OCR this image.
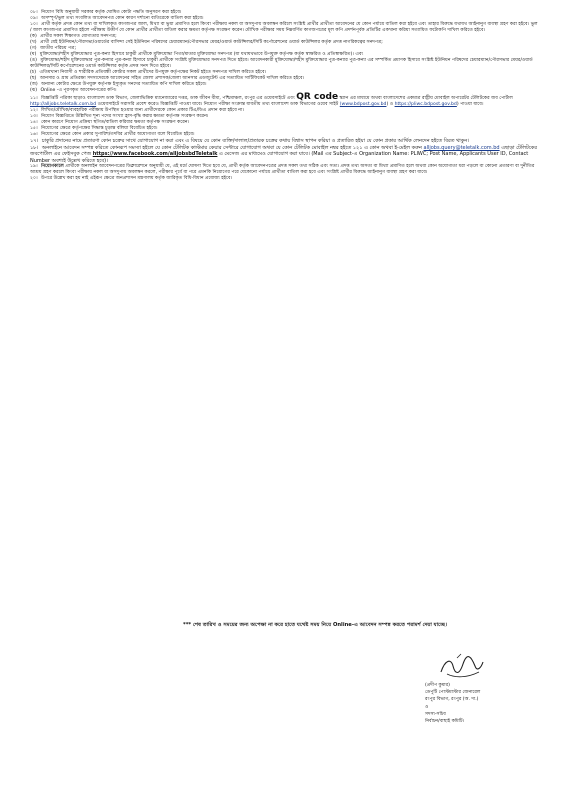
০৮। নিয়োগ বিধি অনুযায়ী সরকার কর্তৃক ঘোষিত কোটা পদ্ধতি অনুসরণ করা হইবে।
০৯। অসম্পূর্ণ/ভুল তথ্য সংবলিত আবেদনপত্র কোন কারণ দর্শানো ব্যতিরেকে বাতিল করা হইবে।
১০। প্রার্থী কর্তৃক প্রদত্ত কোন তথ্য বা দাখিলকৃত কাগজপত্র জাল, মিথ্যা বা ভুয়া প্রমাণিত হলে কিংবা পরীক্ষায় নকল বা অসদুপায় অবলম্বন করিলে সংশ্লিষ্ট প্রার্থীর প্রার্থীতা আবেদনের যে কোন পর্যায়ে বাতিল করা হইবে এবং তাহার বিরুদ্ধে যথাযথ আইনানুগ ব্যবস্থা গ্রহণ করা হইবে। ভুল / জাল কাগজপত্র প্রমাণিত হইলে পরীক্ষায় উত্তীর্ণ যে কোন প্রার্থীর প্রার্থীতা বাতিল করার ক্ষমতা কর্তৃপক্ষ সংরক্ষণ করেন। মৌখিক পরীক্ষার সময় নিম্নবর্ণিত কাগজপত্রের মূল কপি প্রদর্শনপূর্বক প্রতিটির একখানা করিয়া সত্যায়িত ফটোকপি দাখিল করিতে হইবে।
(ক) প্রার্থীর সকল শিক্ষাগত যোগ্যতার সনদপত্র;
(খ) প্রার্থী যেই ইউনিয়ন/পৌরসভা/ওয়ার্ডের বাসিন্দা সেই ইউনিয়ন পরিষদের চেয়ারম্যান/পৌরসভার মেয়র/ওয়ার্ড কাউন্সিলর/সিটি কর্পোরেশনের ওয়ার্ড কাউন্সিলর কর্তৃক প্রদত্ত নাগরিকত্বের সনদপত্র;
(গ) জাতীয় পরিচয় পত্র;
(ঘ) মুক্তিযোদ্ধা/শহীদ মুক্তিযোদ্ধার পুত্র-কন্যা হিসাবে চাকুরী প্রার্থীকে মুক্তিযোদ্ধা পিতা/মাতার মুক্তিযোদ্ধা সনদপত্র (যা যথাযথভাবে উপযুক্ত কর্তৃপক্ষ কর্তৃক স্বাক্ষরিত ও প্রতিস্বাক্ষরিত)। এবং
(ঙ) মুক্তিযোদ্ধা/শহীদ মুক্তিযোদ্ধার পুত্র-কন্যার পুত্র-কন্যা হিসাবে চাকুরী প্রার্থীকে সংশ্লিষ্ট মুক্তিযোদ্ধার সনদপত্র দিতে হইবে। আবেদনকারী মুক্তিযোদ্ধা/শহীদ মুক্তিযোদ্ধার পুত্র-কন্যার পুত্র-কন্যা এর সম্পর্কিত প্রমাণক হিসাবে সংশ্লিষ্ট ইউনিয়ন পরিষদের চেয়ারম্যান/পৌরসভার মেয়র/ওয়ার্ড কাউন্সিলর/সিটি কর্পোরেশনের ওয়ার্ড কাউন্সিলর কর্তৃক প্রদত্ত সনদ দিতে হইবে।
(চ) এতিমখানা নিবাসী ও শারীরিক প্রতিবন্ধী কোটার সকল প্রার্থীদের উপযুক্ত কর্তৃপক্ষের নিকট হইতে সনদপত্র দাখিল করিতে হইবে।
(ছ) আনসার ও গ্রাম প্রতিরক্ষা সদস্যদেরকে আবেদনের সহিত জেলা প্রশাসক/জেলা আনসার এডজুটেন্ট এর সত্যায়িত সার্টিফিকেট দাখিল করিতে হইবে।
(জ) অন্যান্য কোটার ক্ষেত্রে উপযুক্ত কর্তৃপক্ষ ইস্যুকৃত সনদের সত্যায়িত কপি দাখিল করিতে হইবে।
(ঝ) Online -এ পূরণকৃত আবেদনপত্রের কপি।
১১। বিজ্ঞপ্তিটি পত্রিকা ছাড়াও বাংলাদেশ ডাক বিভাগ, জেলাভিত্তিক ম্যানেজারের দপ্তর, ডাক জীবন বীমা, পশ্চিমাঞ্চল, রংপুর এর ওয়েবসাইটে এবং QR code স্ক্যান এর মাধ্যমে অথবা বাংলাদেশের একমাত্র রাষ্ট্রীয় মোবাইল অপারেটর টেলিটকের জব পোর্টাল http://alljobs.teletalk.com.bd ওয়েবসাইটে সরাসরি প্রবেশ করেও বিজ্ঞপ্তিটি পাওয়া যাবে। নিয়োগ পরীক্ষা সংক্রান্ত যাবতীয় তথ্য বাংলাদেশ ডাক বিভাগের ওয়েব সাইট (www.bdpost.gov.bd) ও https://pliwc.bdpost.gov.bd) পাওয়া যাবে।
১২। লিখিত/মৌখিক/ব্যবহারিক পরীক্ষায় উপস্থিত হওয়ার জন্য প্রার্থীদেরকে কোন প্রকার টিএ/ডিএ প্রদান করা হইবে না।
১৩। নিয়োগ বিজ্ঞপ্তিতে উল্লিখিত শূন্য পদের সংখ্যা হ্রাস-বৃদ্ধি করার ক্ষমতা কর্তৃপক্ষ সংরক্ষণ করেন।
১৪। কোন কারণে নিয়োগ প্রক্রিয়া স্থগিত/বাতিল করিবার ক্ষমতা কর্তৃপক্ষ সংরক্ষণ করেন।
১৫। নিয়োগের ক্ষেত্রে কর্তৃপক্ষের সিদ্ধান্ত চূড়ান্ত বলিয়া বিবেচিত হইবে।
১৬। নিয়োগের ক্ষেত্রে কোন প্রকার সুপারিশ/তদবির প্রার্থীর অযোগ্যতা বলে বিবেচিত হইবে।
১৭। চাকুরি প্রদানের নামে প্রতারণা কোন চক্রের সাথে যোগাযোগ না করা এবং এ বিষয়ে যে কোন ব্যক্তি/দালাল/প্রতারক চক্রের কথায় বিশ্বাস স্থাপন করিয়া ও প্রতারিত হইয়া যে কোন প্রকার আর্থিক লেনদেন হইতে বিরত থাকুন।
১৮। অনলাইনে আবেদন সম্পন্ন করিতে কোনরূপ সমস্যা হইলে যে কোন টেলিটক কাস্টমার কেয়ার সেন্টারে যোগাযোগ অথবা যে কোন টেলিটক মোবাইল নম্বর হইতে ১২১ এ কোন অথবা ই-মেইল করুন alljobs.query@teletalk.com.bd এছাড়া টেলিটকের জবপোর্টাল এর ফেইসবুক পেজ https://www.facebook.com/alljobsbdTeletalk এ মেসেজ এর মাধ্যমেও যোগাযোগ করা যাবে। (Mail এর Subject-এ Organization Name: PLIWC; Post Name, Applicants User ID, Contact Number অবশ্যই উল্লেখ করিতে হবে)।
১৯। নিয়োগকালে প্রার্থীকে অনলাইন আবেদনপত্রের ডিক্লারেশনে অনুযায়ী যে, এই মর্মে ঘোষণা দিতে হবে যে, প্রার্থী কর্তৃক আবেদনপত্রের প্রদত্ত সকল তথ্য সঠিক এবং সত্য। প্রদত্ত তথ্য অসত্য বা মিথ্যা প্রমাণিত হলে অথবা কোন অযোগ্যতা ধরা পড়লে বা কোনো প্রতারণা বা দুর্নীতির আশ্রয় গ্রহণ করলে কিংবা পরীক্ষায় নকল বা অসদুপায় অবলম্বন করলে, পরীক্ষার পূর্বে বা পরে এমনকি নিয়োগের পরে যেকোনো পর্যায়ে প্রার্থীতা বাতিল করা হবে এবং সংশ্লিষ্ট প্রার্থীর বিরুদ্ধে আইনানুগ ব্যবস্থা গ্রহণ করা যাবে।
২০। উপরে উল্লেখ করা হয় নাই এইরূপ ক্ষেত্রে জনপ্রশাসন মন্ত্রণালয় কর্তৃক জারিকৃত বিধি-বিধান প্রযোজ্য হইবে।
*** শেষ তারিখ ও সময়ের জন্য অপেক্ষা না করে হাতে যথেষ্ট সময় নিয়ে Online-এ আবেদন সম্পন্ন করতে পরামর্শ দেয়া যাচ্ছে।
(প্রদীপ কুমার)
ডেপুটি পোস্টমাস্টার জেনারেল
রংপুর বিভাগ, রংপুর (অ. দা.)
ও
সদস্য-সচিব
নির্বাচন/বাছাই কমিটি।
